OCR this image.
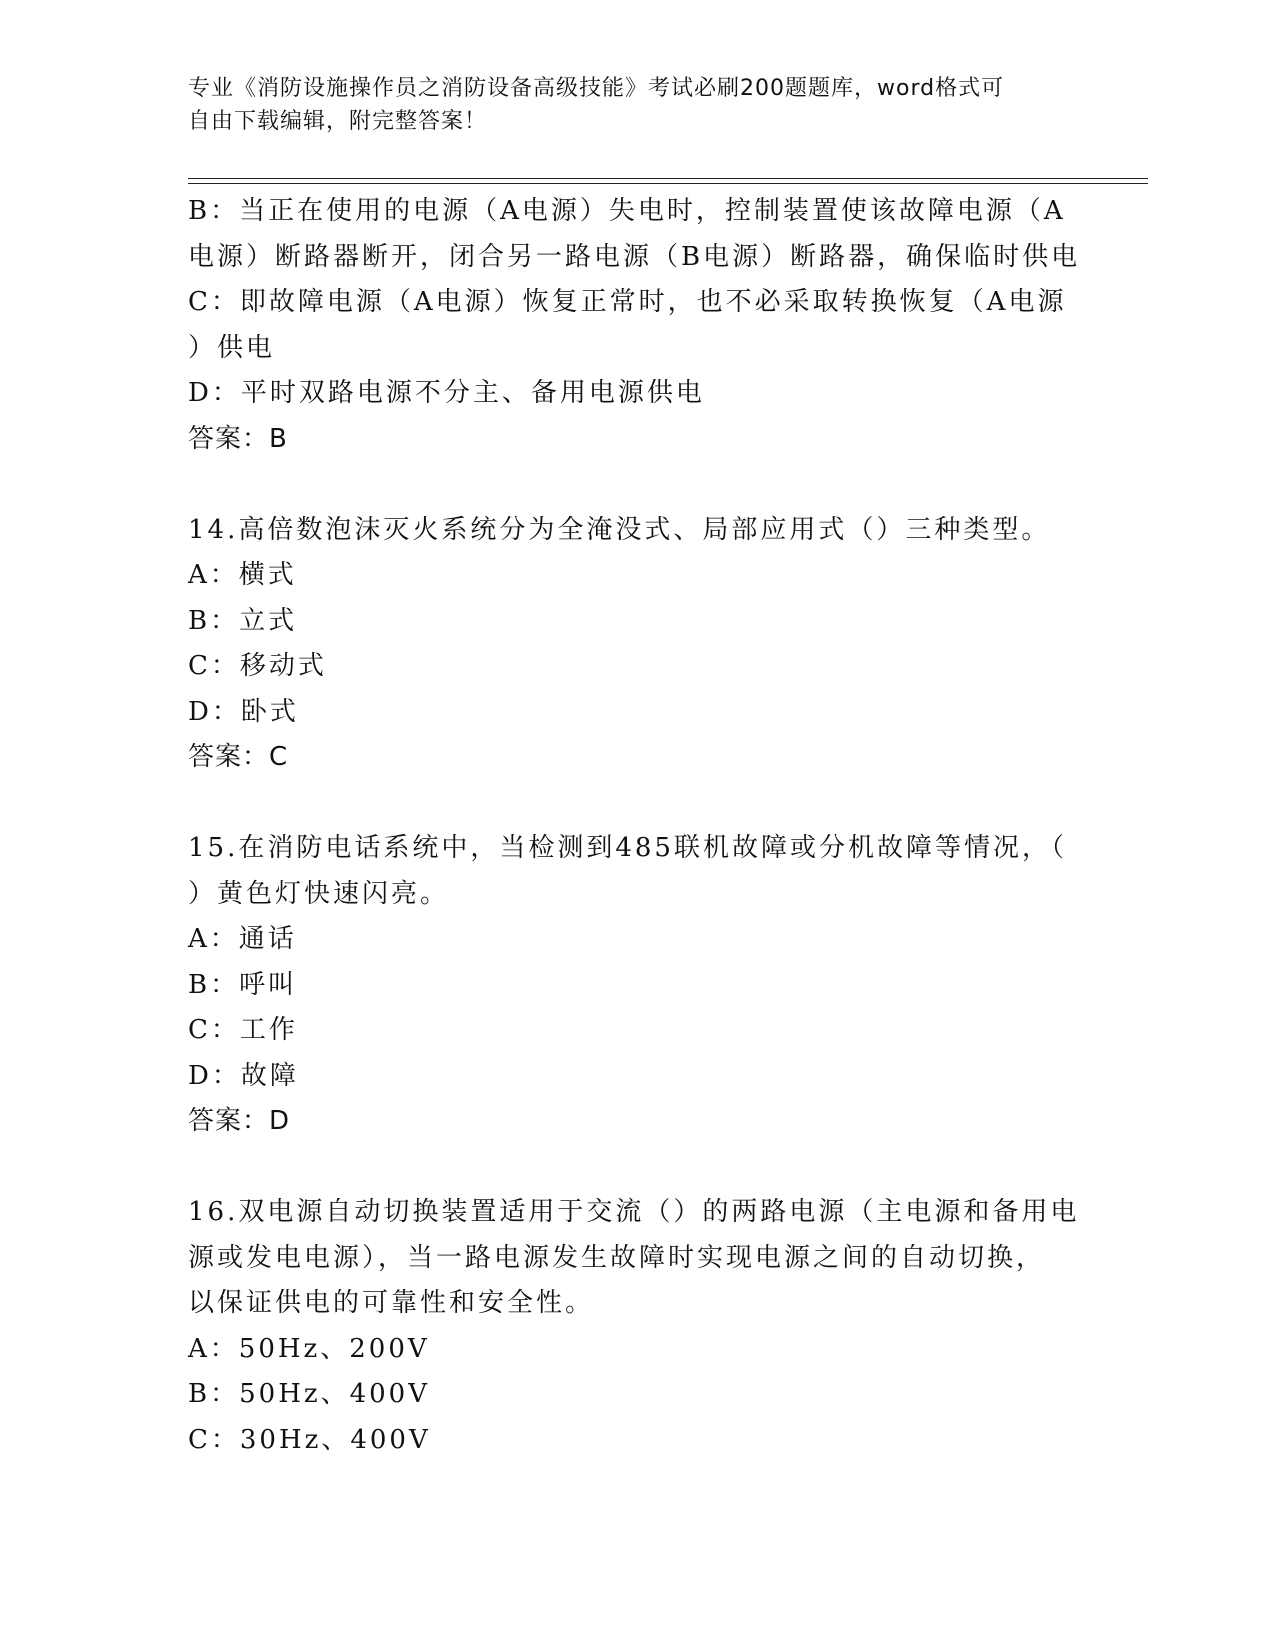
专业《消防设施操作员之消防设备高级技能》考试必刷200题题库，word格式可
自由下载编辑，附完整答案！
B：当正在使用的电源（A电源）失电时，控制装置使该故障电源（A
电源）断路器断开，闭合另一路电源（B电源）断路器，确保临时供电
C：即故障电源（A电源）恢复正常时，也不必采取转换恢复（A电源
）供电
D：平时双路电源不分主、备用电源供电
答案：B
14.高倍数泡沫灭火系统分为全淹没式、局部应用式（）三种类型。
A：横式
B：立式
C：移动式
D：卧式
答案：C
15.在消防电话系统中，当检测到485联机故障或分机故障等情况，（
）黄色灯快速闪亮。
A：通话
B：呼叫
C：工作
D：故障
答案：D
16.双电源自动切换装置适用于交流（）的两路电源（主电源和备用电
源或发电电源），当一路电源发生故障时实现电源之间的自动切换，
以保证供电的可靠性和安全性。
A：50Hz、200V
B：50Hz、400V
C：30Hz、400V
